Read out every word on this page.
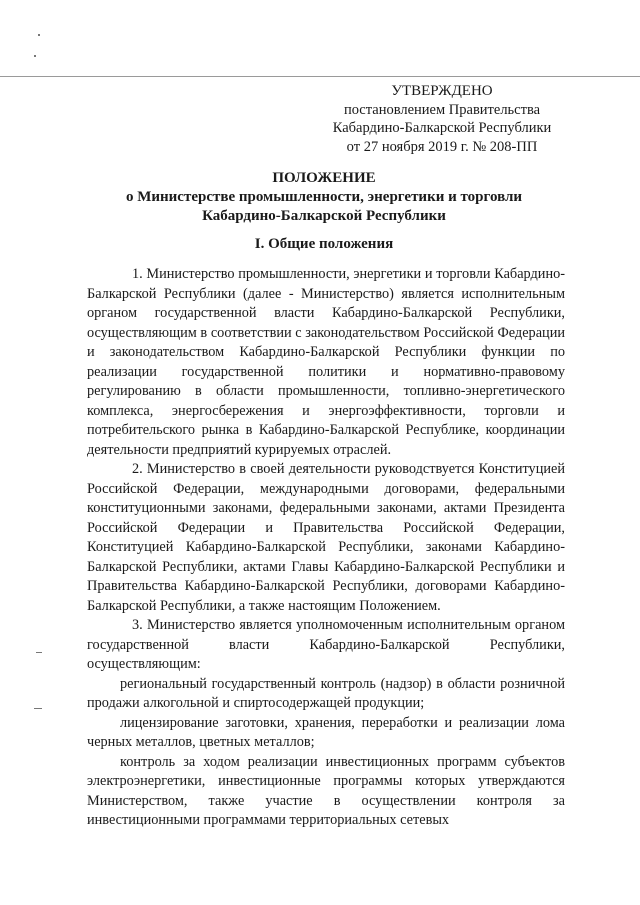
УТВЕРЖДЕНО
постановлением Правительства
Кабардино-Балкарской Республики
от 27 ноября 2019 г. № 208-ПП
ПОЛОЖЕНИЕ
о Министерстве промышленности, энергетики и торговли
Кабардино-Балкарской Республики
I. Общие положения

1. Министерство промышленности, энергетики и торговли Кабардино-Балкарской Республики (далее - Министерство) является исполнительным органом государственной власти Кабардино-Балкарской Республики, осуществляющим в соответствии с законодательством Российской Федерации и законодательством Кабардино-Балкарской Республики функции по реализации государственной политики и нормативно-правовому регулированию в области промышленности, топливно-энергетического комплекса, энергосбережения и энергоэффективности, торговли и потребительского рынка в Кабардино-Балкарской Республике, координации деятельности предприятий курируемых отраслей.

2. Министерство в своей деятельности руководствуется Конституцией Российской Федерации, международными договорами, федеральными конституционными законами, федеральными законами, актами Президента Российской Федерации и Правительства Российской Федерации, Конституцией Кабардино-Балкарской Республики, законами Кабардино-Балкарской Республики, актами Главы Кабардино-Балкарской Республики и Правительства Кабардино-Балкарской Республики, договорами Кабардино-Балкарской Республики, а также настоящим Положением.

3. Министерство является уполномоченным исполнительным органом государственной власти Кабардино-Балкарской Республики, осуществляющим:

региональный государственный контроль (надзор) в области розничной продажи алкогольной и спиртосодержащей продукции;

лицензирование заготовки, хранения, переработки и реализации лома черных металлов, цветных металлов;

контроль за ходом реализации инвестиционных программ субъектов электроэнергетики, инвестиционные программы которых утверждаются Министерством, также участие в осуществлении контроля за инвестиционными программами территориальных сетевых
